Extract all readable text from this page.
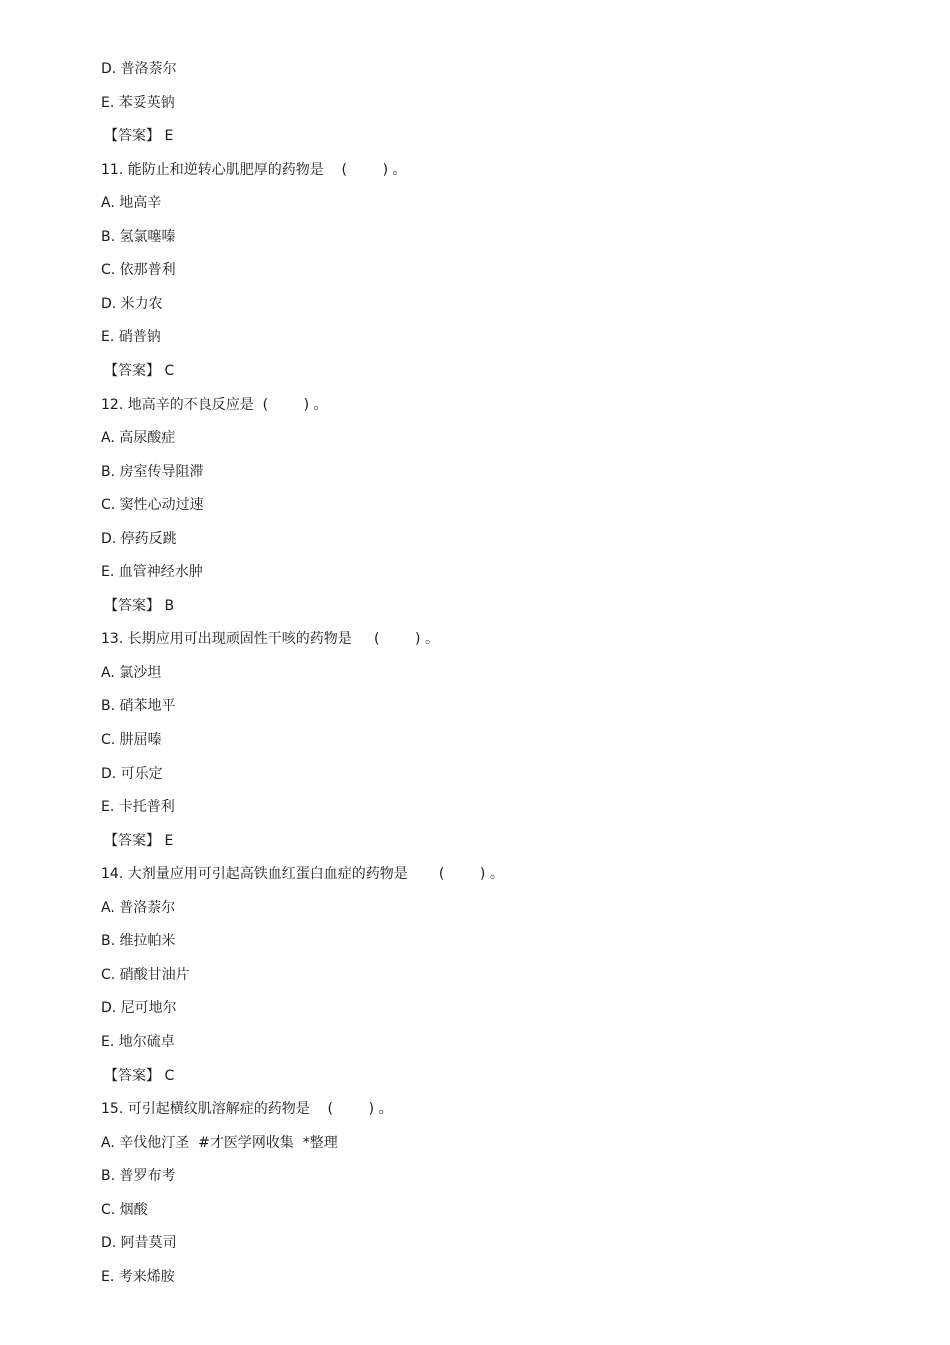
D. 普洛萘尔
E. 苯妥英钠
【答案】 E
11. 能防止和逆转心肌肥厚的药物是    (        ) 。
A. 地高辛
B. 氢氯噻嗪
C. 依那普利
D. 米力农
E. 硝普钠
【答案】 C
12. 地高辛的不良反应是  (        ) 。
A. 高尿酸症
B. 房室传导阻滞
C. 窦性心动过速
D. 停药反跳
E. 血管神经水肿
【答案】 B
13. 长期应用可出现顽固性干咳的药物是     (        ) 。
A. 氯沙坦
B. 硝苯地平
C. 肼屈嗪
D. 可乐定
E. 卡托普利
【答案】 E
14. 大剂量应用可引起高铁血红蛋白血症的药物是       (        ) 。
A. 普洛萘尔
B. 维拉帕米
C. 硝酸甘油片
D. 尼可地尔
E. 地尔硫卓
【答案】 C
15. 可引起横纹肌溶解症的药物是    (        ) 。
A. 辛伐他汀圣  #才医学网收集  *整理
B. 普罗布考
C. 烟酸
D. 阿昔莫司
E. 考来烯胺
